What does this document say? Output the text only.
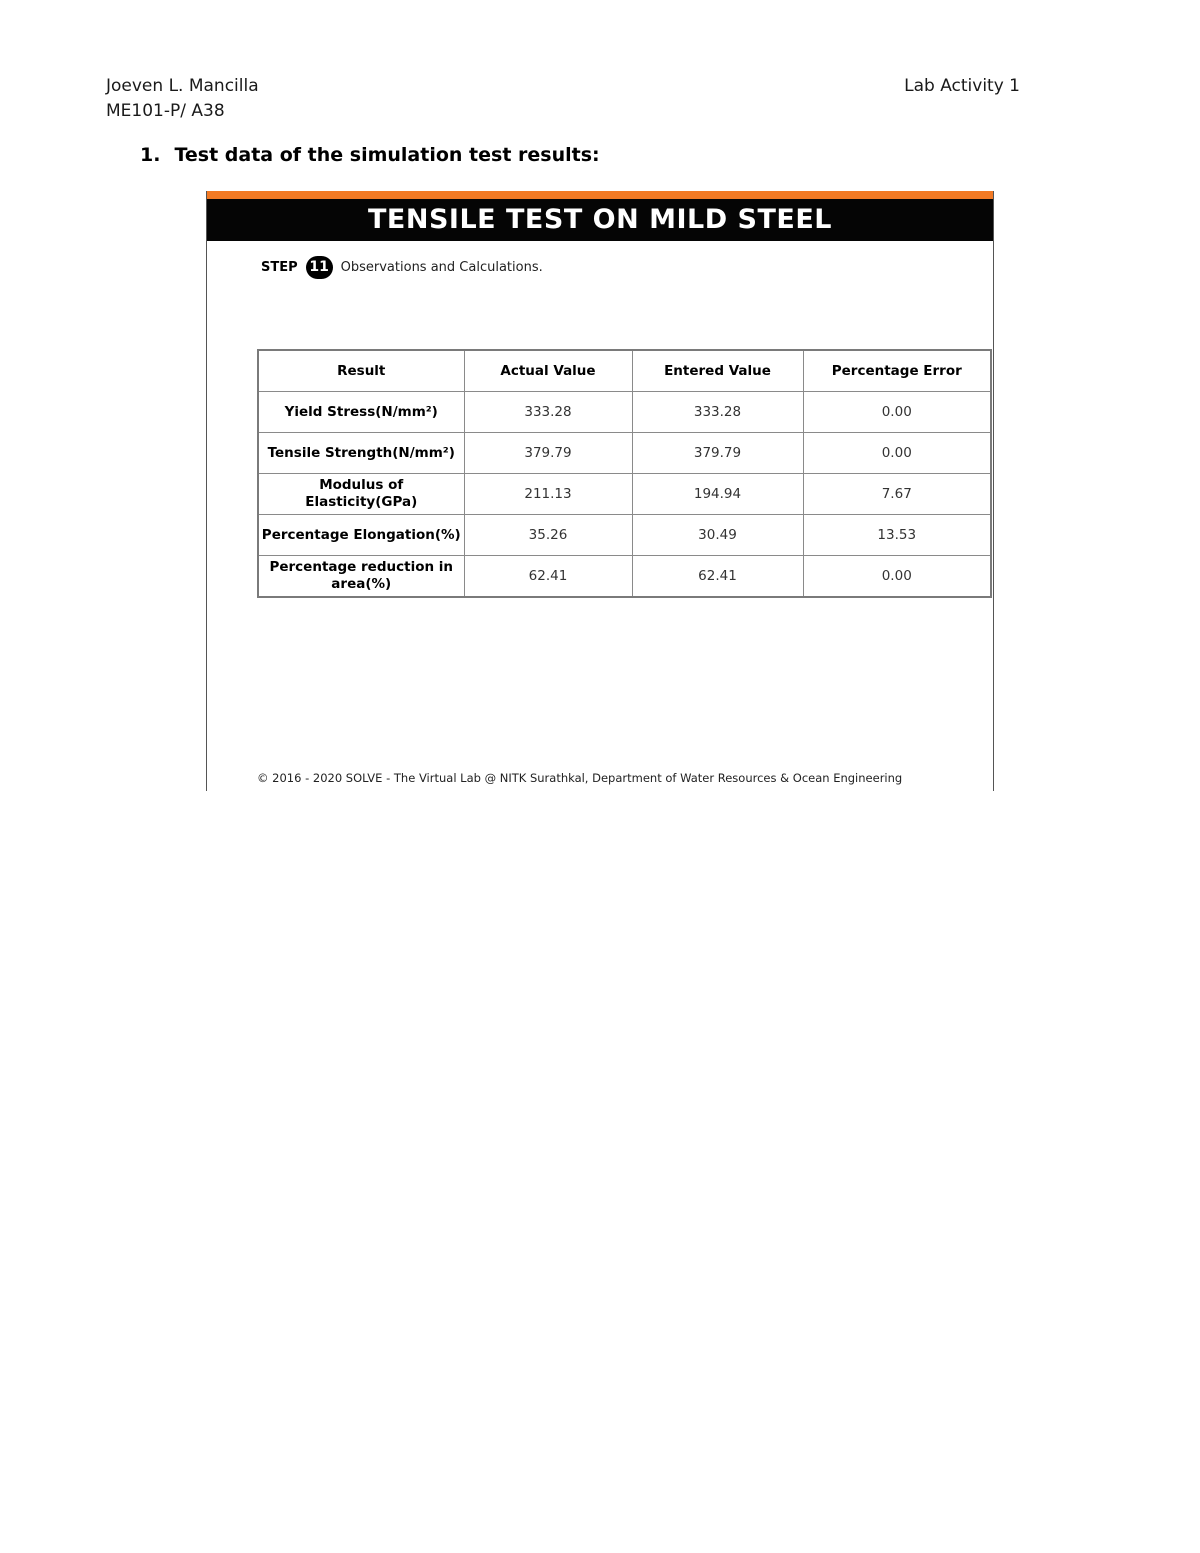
Joeven L. Mancilla
ME101-P/ A38
Lab Activity 1
1. Test data of the simulation test results:
TENSILE TEST ON MILD STEEL
STEP 11 Observations and Calculations.
Result	Actual Value	Entered Value	Percentage Error
Yield Stress(N/mm²)	333.28	333.28	0.00
Tensile Strength(N/mm²)	379.79	379.79	0.00
Modulus of Elasticity(GPa)	211.13	194.94	7.67
Percentage Elongation(%)	35.26	30.49	13.53
Percentage reduction in area(%)	62.41	62.41	0.00
© 2016 - 2020 SOLVE - The Virtual Lab @ NITK Surathkal, Department of Water Resources & Ocean Engineering
